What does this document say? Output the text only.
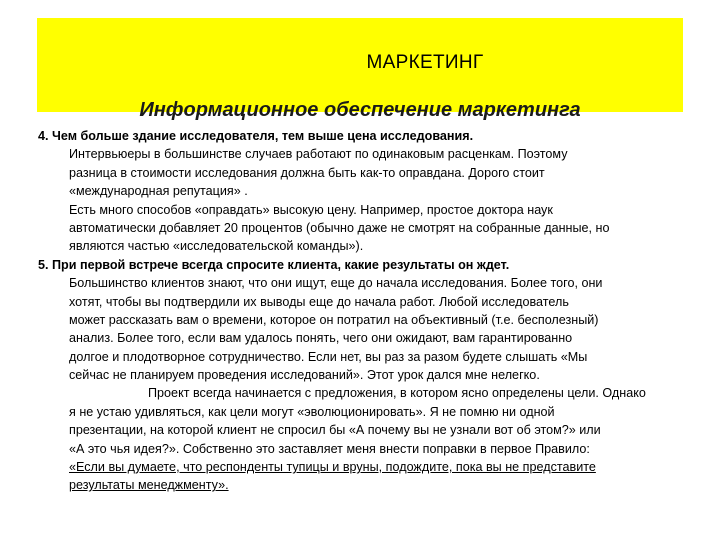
МАРКЕТИНГ
Информационное обеспечение маркетинга
4. Чем больше здание исследователя, тем выше цена исследования.
Интервьюеры в большинстве случаев работают по одинаковым расценкам. Поэтому
разница в стоимости исследования должна быть как-то оправдана. Дорого стоит
«международная репутация» .
Есть много способов «оправдать» высокую цену. Например, простое доктора наук
автоматически добавляет 20 процентов (обычно даже не смотрят на собранные данные, но
являются частью «исследовательской команды»).
5. При первой встрече всегда спросите клиента, какие результаты он ждет.
Большинство клиентов знают, что они ищут, еще до начала исследования. Более того, они
хотят, чтобы вы подтвердили их выводы еще до начала работ. Любой исследователь
может рассказать вам о времени, которое он потратил на объективный (т.е. бесполезный)
анализ. Более того, если вам удалось понять, чего они ожидают, вам гарантированно
долгое и плодотворное сотрудничество. Если нет, вы раз за разом будете слышать «Мы
сейчас не планируем проведения исследований». Этот урок дался мне нелегко.
Проект всегда начинается с предложения, в котором ясно определены цели. Однако
я не устаю удивляться, как цели могут «эволюционировать». Я не помню ни одной
презентации, на которой клиент не спросил бы «А почему вы не узнали вот об этом?» или
«А это чья идея?». Собственно это заставляет меня внести поправки в первое Правило:
«Если вы думаете, что респонденты тупицы и вруны, подождите, пока вы не представите
результаты менеджменту».
